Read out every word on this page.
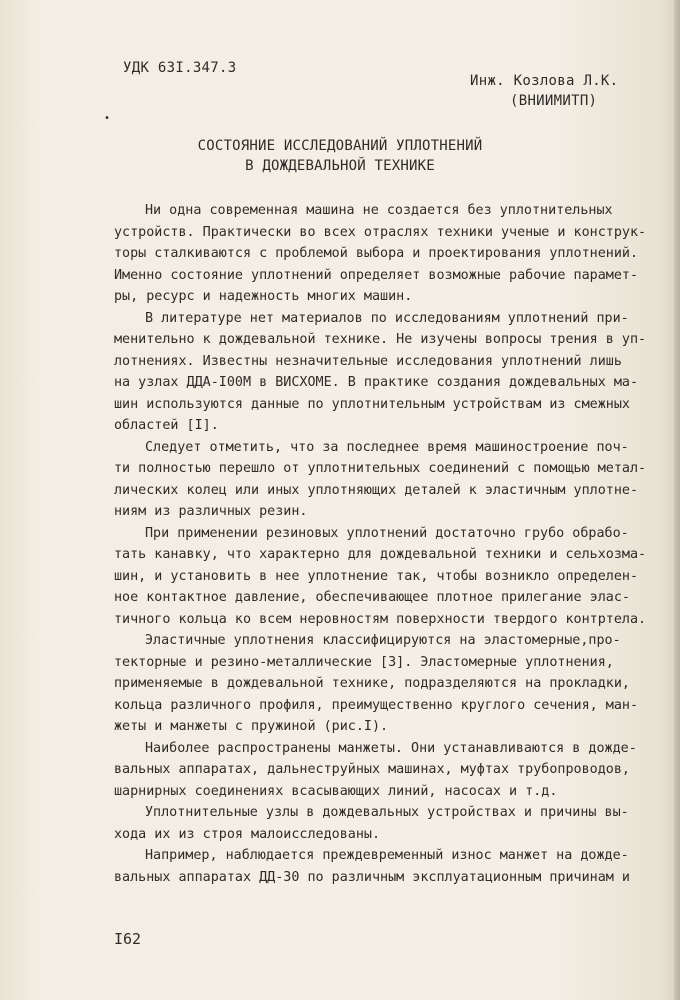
УДК 63I.347.3
Инж. Козлова Л.К.
(ВНИИМИТП)
•
СОСТОЯНИЕ ИССЛЕДОВАНИЙ УПЛОТНЕНИЙ
В ДОЖДЕВАЛЬНОЙ ТЕХНИКЕ
Ни одна современная машина не создается без уплотнительных
устройств. Практически во всех отраслях техники ученые и конструк-
торы сталкиваются с проблемой выбора и проектирования уплотнений.
Именно состояние уплотнений определяет возможные рабочие парамет-
ры, ресурс и надежность многих машин.
В литературе нет материалов по исследованиям уплотнений при-
менительно к дождевальной технике. Не изучены вопросы трения в уп-
лотнениях. Известны незначительные исследования уплотнений лишь
на узлах ДДА-I00М в ВИСХОМЕ. В практике создания дождевальных ма-
шин используются данные по уплотнительным устройствам из смежных
областей [I].
Следует отметить, что за последнее время машиностроение поч-
ти полностью перешло от уплотнительных соединений с помощью метал-
лических колец или иных уплотняющих деталей к эластичным уплотне-
ниям из различных резин.
При применении резиновых уплотнений достаточно грубо обрабо-
тать канавку, что характерно для дождевальной техники и сельхозма-
шин, и установить в нее уплотнение так, чтобы возникло определен-
ное контактное давление, обеспечивающее плотное прилегание элас-
тичного кольца ко всем неровностям поверхности твердого контртела.
Эластичные уплотнения классифицируются на эластомерные,про-
текторные и резино-металлические [3]. Эластомерные уплотнения,
применяемые в дождевальной технике, подразделяются на прокладки,
кольца различного профиля, преимущественно круглого сечения, ман-
жеты и манжеты с пружиной (рис.I).
Наиболее распространены манжеты. Они устанавливаются в дожде-
вальных аппаратах, дальнеструйных машинах, муфтах трубопроводов,
шарнирных соединениях всасывающих линий, насосах и т.д.
Уплотнительные узлы в дождевальных устройствах и причины вы-
хода их из строя малоисследованы.
Например, наблюдается преждевременный износ манжет на дожде-
вальных аппаратах ДД-30 по различным эксплуатационным причинам и
I62
